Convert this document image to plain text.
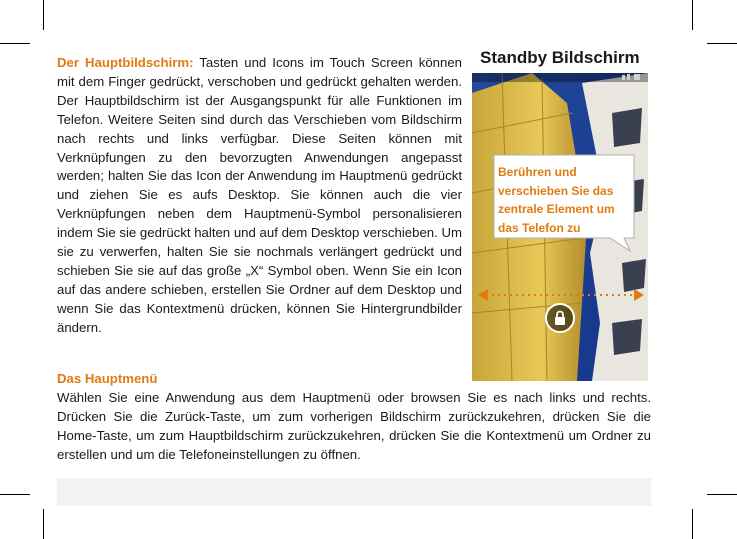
Der Hauptbildschirm: Tasten und Icons im Touch Screen können mit dem Finger gedrückt, verschoben und gedrückt gehalten werden. Der Hauptbildschirm ist der Ausgangspunkt für alle Funktionen im Telefon. Weitere Seiten sind durch das Verschieben vom Bildschirm nach rechts und links verfügbar. Diese Seiten können mit Verknüpfungen zu den bevorzugten Anwendungen angepasst werden; halten Sie das Icon der Anwendung im Hauptmenü gedrückt und ziehen Sie es aufs Desktop. Sie können auch die vier Verknüpfungen neben dem Hauptmenü-Symbol personalisieren indem Sie sie gedrückt halten und auf dem Desktop verschieben. Um sie zu verwerfen, halten Sie sie nochmals verlängert gedrückt und schieben Sie sie auf das große „X“ Symbol oben. Wenn Sie ein Icon auf das andere schieben, erstellen Sie Ordner auf dem Desktop und wenn Sie das Kontextmenü drücken, können Sie Hintergrundbilder ändern.

Das Hauptmenü

Wählen Sie eine Anwendung aus dem Hauptmenü oder browsen Sie es nach links und rechts. Drücken Sie die Zurück-Taste, um zum vorherigen Bildschirm zurückzukehren, drücken Sie die Home-Taste, um zum Hauptbildschirm zurückzukehren, drücken Sie die Kontextmenü um Ordner zu erstellen und um die Telefoneinstellungen zu öffnen.

Standby Bildschirm
Berühren und verschieben Sie das zentrale Element um das Telefon zu
